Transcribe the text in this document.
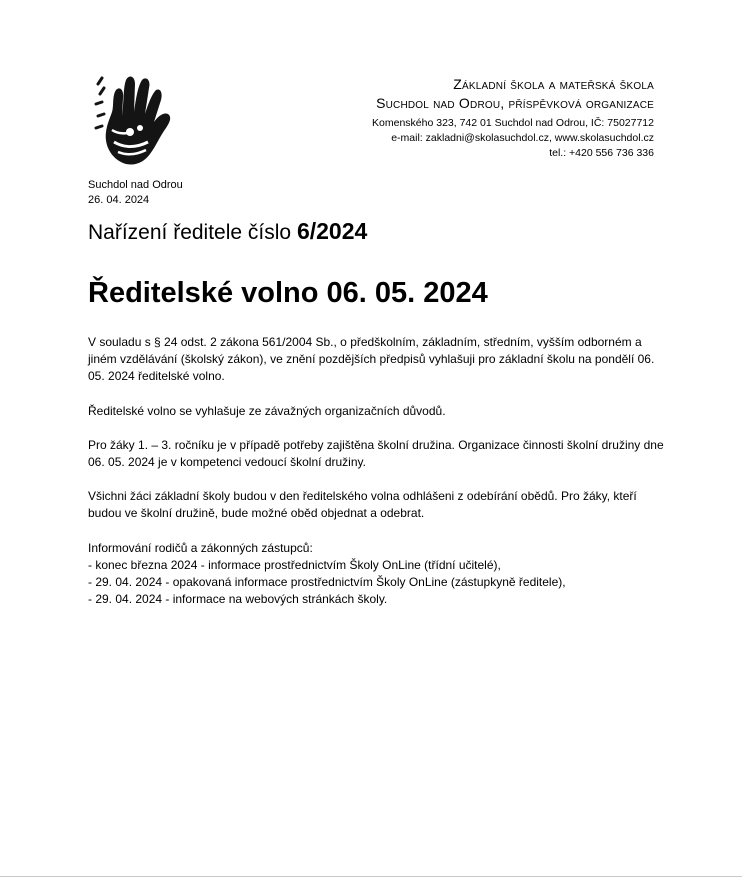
Základní škola a mateřská škola
Suchdol nad Odrou, příspěvková organizace
Komenského 323, 742 01 Suchdol nad Odrou, IČ: 75027712
e-mail: zakladni@skolasuchdol.cz, www.skolasuchdol.cz
tel.: +420 556 736 336
Suchdol nad Odrou
26. 04. 2024
Nařízení ředitele číslo 6/2024
Ředitelské volno 06. 05. 2024

V souladu s § 24 odst. 2 zákona 561/2004 Sb., o předškolním, základním, středním, vyšším odborném a jiném vzdělávání (školský zákon), ve znění pozdějších předpisů vyhlašuji pro základní školu na pondělí 06. 05. 2024 ředitelské volno.

Ředitelské volno se vyhlašuje ze závažných organizačních důvodů.

Pro žáky 1. – 3. ročníku je v případě potřeby zajištěna školní družina. Organizace činnosti školní družiny dne 06. 05. 2024 je v kompetenci vedoucí školní družiny.

Všichni žáci základní školy budou v den ředitelského volna odhlášeni z odebírání obědů. Pro žáky, kteří budou ve školní družině, bude možné oběd objednat a odebrat.

Informování rodičů a zákonných zástupců:
- konec března 2024 - informace prostřednictvím Školy OnLine (třídní učitelé),
- 29. 04. 2024 - opakovaná informace prostřednictvím Školy OnLine (zástupkyně ředitele),
- 29. 04. 2024 - informace na webových stránkách školy.
